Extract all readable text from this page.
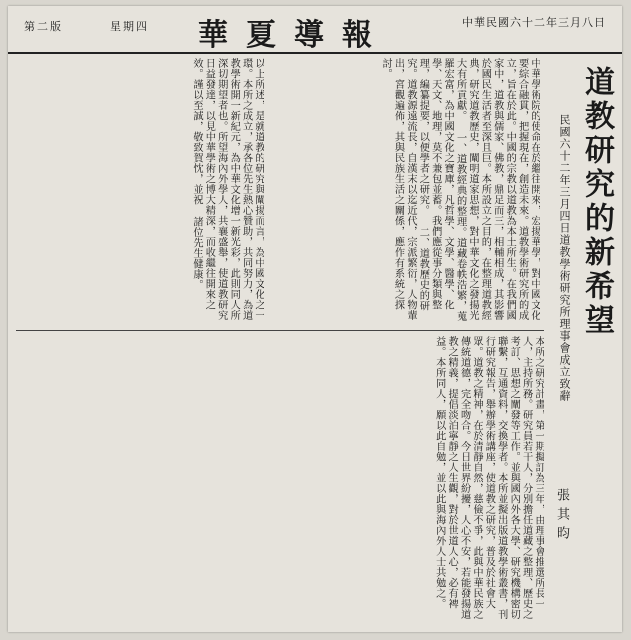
第二版	星期四 華夏導報	中華民國六十二年三月八日
道教研究的新希望
民國六十二年三月四日道教學術研究所理事會成立致辭
張其昀
中華學術院的使命在於繼往開來，宏揚華學，對中國文化要綜合融貫，把握現在，創造未來。道教學術研究所的成立，旨在於此。中國的宗教以道教為本土所生。在我們國家中，道教與儒家、佛教，鼎足而三，相輔相成，其影響於國民生活者至深且巨。本所設立之目的，在整理道教經典，研究道教歷史，闡明道家思想，對中華文化之發揚光大有所貢獻。 一、道教經典的整理。道藏卷帙浩繁，蒐羅宏富，為中國文化之寶庫，凡哲學、文學、醫學、化學、天文、地理，莫不兼包並蓄。我們應從事分類與整理，編纂提要，以便學者之研究。 二、道教歷史的研究。道教源遠流長，自漢末以迄近代，宗派繁衍，人物輩出，宮觀遍佈，其與民族生活之關係，應作有系統之探討。
以上所述，是就道教的研究與闡揚而言，為中國文化之一環。本所之成立，承各位先生熱心贊助，共同努力，為道教學術開一新紀元，為中華文化增一新光彩，此則同人所深切期望者也。所望海內外學人，共襄盛舉，使道教研究日益發達，以見中華學術之博大精深，而收繼往開來之效。謹以至誠，敬致賀忱，並祝 諸位先生健康。
本所之研究計畫，第一期擬訂為三年，由理事會推選所長一人，主持所務。研究員若干人，分別擔任道藏之整理、歷史之考訂、思想之闡發等工作。並與國內外各大學、研究機構密切聯繫，互通資料，交換學者。本所並擬出版道教學術叢書，刊行研究報告，舉辦學術講座，使道教之研究，普及於社會大眾。道教之精神，在於清靜自然，慈儉不爭，此與中華民族之傳統道德，完全吻合。今日世界紛擾，人心不安，若能發揚道教之精義，提倡淡泊寧靜之人生觀，對於世道人心，必有裨益。本所同人，願以此自勉，並以此與海內外人士共勉之。
